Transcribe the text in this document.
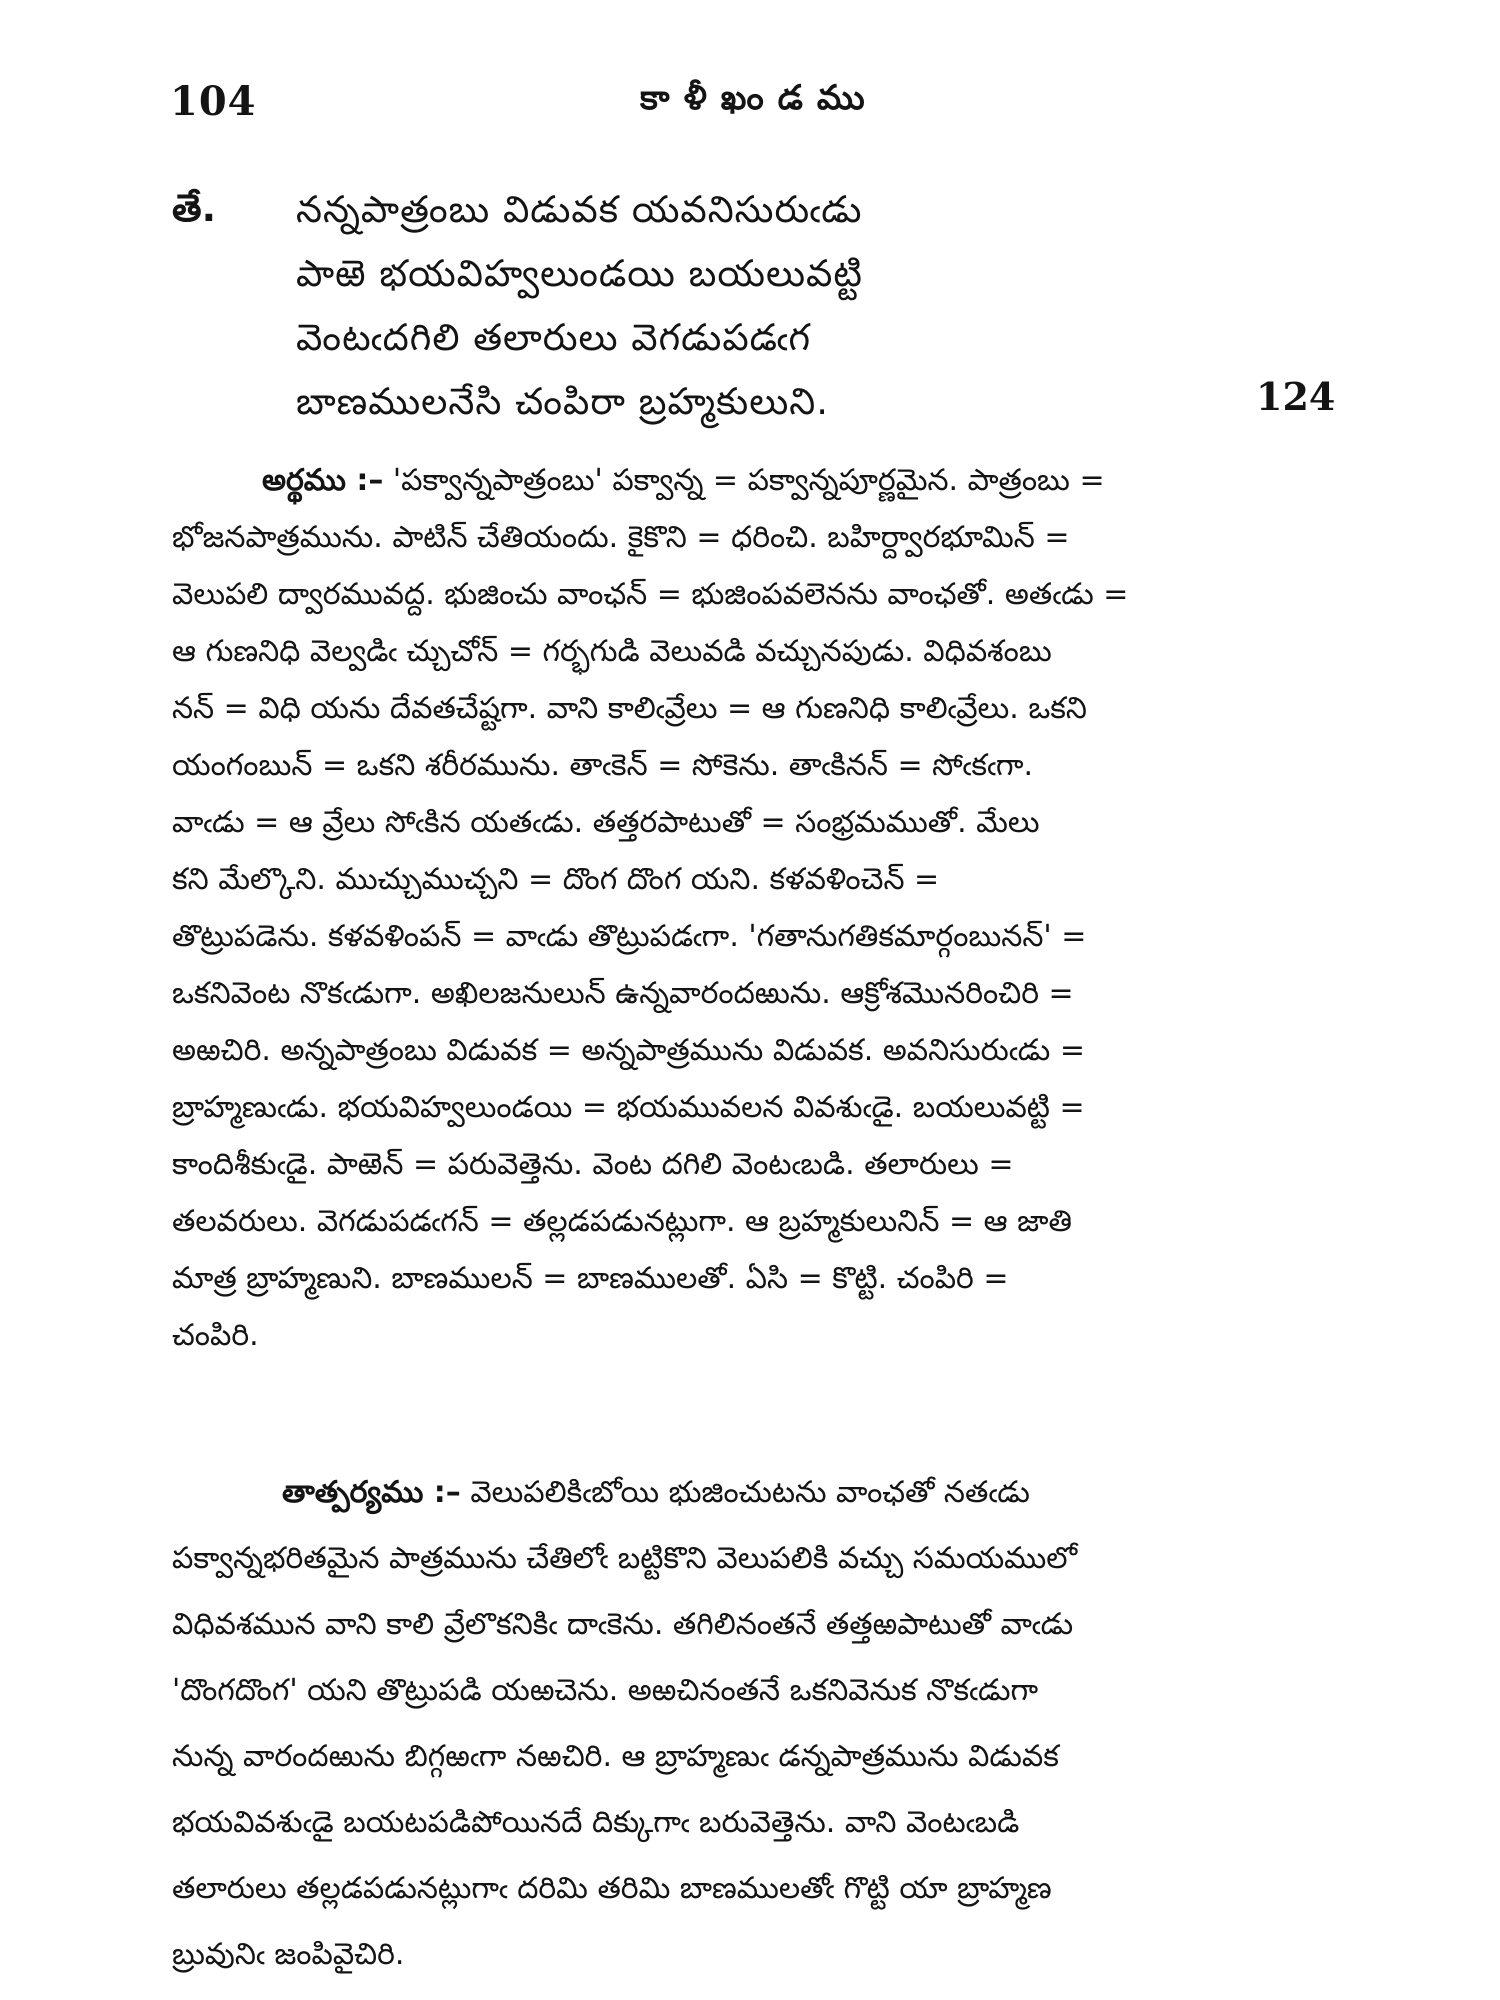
104	కాళీఖండము
తే. నన్నపాత్రంబు విడువక యవనిసురుఁడు
పాఱె భయవిహ్వలుండయి బయలువట్టి
వెంటఁదగిలి తలారులు వెగడుపడఁగ
బాణములనేసి చంపిరా బ్రహ్మకులుని.	124
అర్థము :– 'పక్వాన్నపాత్రంబు' పక్వాన్న = పక్వాన్నపూర్ణమైన. పాత్రంబు =
భోజనపాత్రమును. పాటిన్ చేతియందు. కైకొని = ధరించి. బహిర్ద్వారభూమిన్ =
వెలుపలి ద్వారమువద్ద. భుజించు వాంఛన్ = భుజింపవలెనను వాంఛతో. అతఁడు =
ఆ గుణనిధి వెల్వడిఁ చ్చుచోన్ = గర్భగుడి వెలువడి వచ్చునపుడు. విధివశంబు
నన్ = విధి యను దేవతచేష్టగా. వాని కాలిఁవ్రేలు = ఆ గుణనిధి కాలిఁవ్రేలు. ఒకని
యంగంబున్ = ఒకని శరీరమును. తాఁకెన్ = సోకెను. తాఁకినన్ = సోఁకఁగా.
వాఁడు = ఆ వ్రేలు సోఁకిన యతఁడు. తత్తరపాటుతో = సంభ్రమముతో. మేలు
కని మేల్కొని. ముచ్చుముచ్చని = దొంగ దొంగ యని. కళవళించెన్ =
తొట్రుపడెను. కళవళింపన్ = వాఁడు తొట్రుపడఁగా. 'గతానుగతికమార్గంబునన్' =
ఒకనివెంట నొకఁడుగా. అఖిలజనులున్ ఉన్నవారందఱును. ఆక్రోశమొనరించిరి =
అఱచిరి. అన్నపాత్రంబు విడువక = అన్నపాత్రమును విడువక. అవనిసురుఁడు =
బ్రాహ్మణుఁడు. భయవిహ్వలుండయి = భయమువలన వివశుఁడై. బయలువట్టి =
కాందిశీకుఁడై. పాఱెన్ = పరువెత్తెను. వెంట దగిలి వెంటఁబడి. తలారులు =
తలవరులు. వెగడుపడఁగన్ = తల్లడపడునట్లుగా. ఆ బ్రహ్మకులునిన్ = ఆ జాతి
మాత్ర బ్రాహ్మణుని. బాణములన్ = బాణములతో. ఏసి = కొట్టి. చంపిరి =
చంపిరి.
తాత్పర్యము :– వెలుపలికిఁబోయి భుజించుటను వాంఛతో నతఁడు
పక్వాన్నభరితమైన పాత్రమును చేతిలోఁ బట్టికొని వెలుపలికి వచ్చు సమయములో
విధివశమున వాని కాలి వ్రేలొకనికిఁ దాఁకెను. తగిలినంతనే తత్తఱపాటుతో వాఁడు
'దొంగదొంగ' యని తొట్రుపడి యఱచెను. అఱచినంతనే ఒకనివెనుక నొకఁడుగా
నున్న వారందఱును బిగ్గఱఁగా నఱచిరి. ఆ బ్రాహ్మణుఁ డన్నపాత్రమును విడువక
భయవివశుఁడై బయటపడిపోయినదే దిక్కుగాఁ బరువెత్తెను. వాని వెంటఁబడి
తలారులు తల్లడపడునట్లుగాఁ దరిమి తరిమి బాణములతోఁ గొట్టి యా బ్రాహ్మణ
బ్రువునిఁ జంపివైచిరి.
